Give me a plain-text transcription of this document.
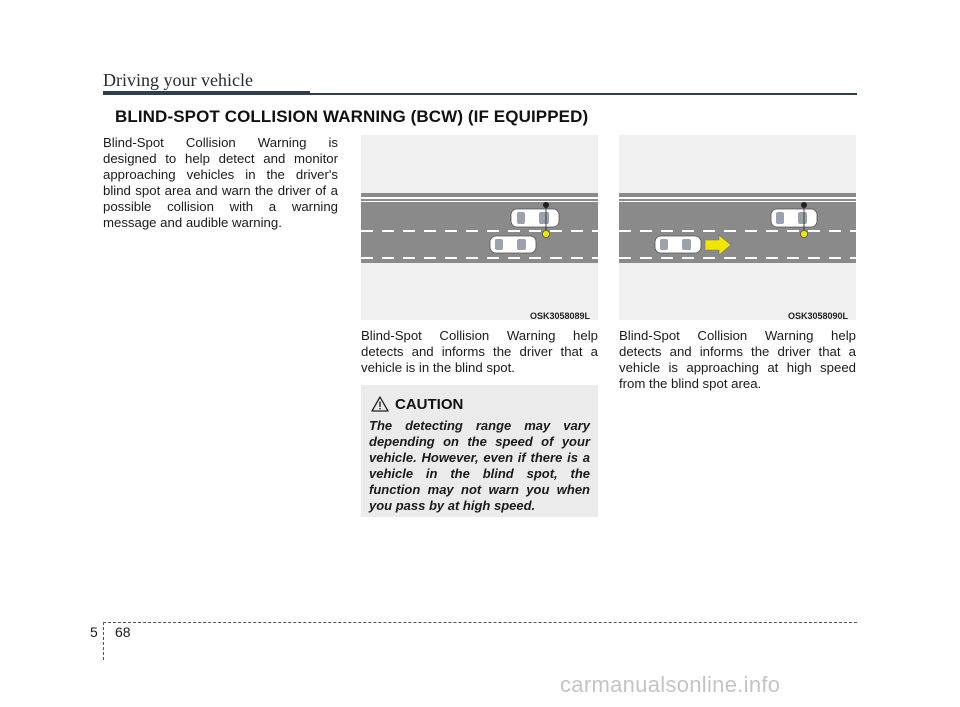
Driving your vehicle
BLIND-SPOT COLLISION WARNING (BCW) (IF EQUIPPED)
Blind-Spot Collision Warning is designed to help detect and monitor approaching vehicles in the driver's blind spot area and warn the driver of a possible collision with a warning message and audible warning.
OSK3058089L
Blind-Spot Collision Warning help detects and informs the driver that a vehicle is in the blind spot.
OSK3058090L
Blind-Spot Collision Warning help detects and informs the driver that a vehicle is approaching at high speed from the blind spot area.
CAUTION
The detecting range may vary depending on the speed of your vehicle. However, even if there is a vehicle in the blind spot, the function may not warn you when you pass by at high speed.
5 68
carmanualsonline.info
